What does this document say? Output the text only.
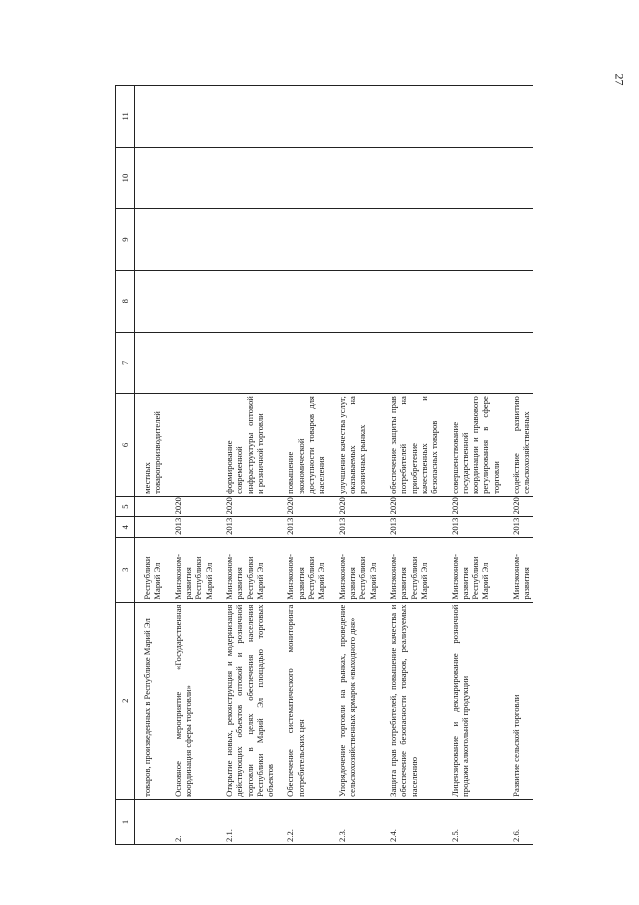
27
1	2	3	4	5	6	7	8	9	10	11
	товаров, произведенных в Республике Марий Эл	Республики Марий Эл			местных товаропроизводителей					
2.	Основное мероприятие «Государственная координация сферы торговли»	Минэконом-развития Республики Марий Эл	2013	2020						
2.1.	Открытие новых, реконструкция и модернизация действующих объектов оптовой и розничной торговли в целях обеспечения населения Республики Марий Эл площадью торговых объектов	Минэконом-развития Республики Марий Эл	2013	2020	формирование современной инфраструктуры оптовой и розничной торговли					
2.2.	Обеспечение систематического мониторинга потребительских цен	Минэконом-развития Республики Марий Эл	2013	2020	повышение экономической доступности товаров для населения					
2.3.	Упорядочение торговли на рынках, проведение сельскохозяйственных ярмарок «выходного дня»	Минэконом-развития Республики Марий Эл	2013	2020	улучшение качества услуг, оказываемых на розничных рынках					
2.4.	Защита прав потребителей, повышение качества и обеспечение безопасности товаров, реализуемых населению	Минэконом-развития Республики Марий Эл	2013	2020	обеспечение защиты прав потребителей на приобретение качественных и безопасных товаров					
2.5.	Лицензирование и декларирование розничной продажи алкогольной продукции	Минэконом-развития Республики Марий Эл	2013	2020	совершенствование государственной координации и правового регулирования в сфере торговли					
2.6.	Развитие сельской торговли	Минэконом-развития	2013	2020	содействие развитию сельскохозяйственных					
